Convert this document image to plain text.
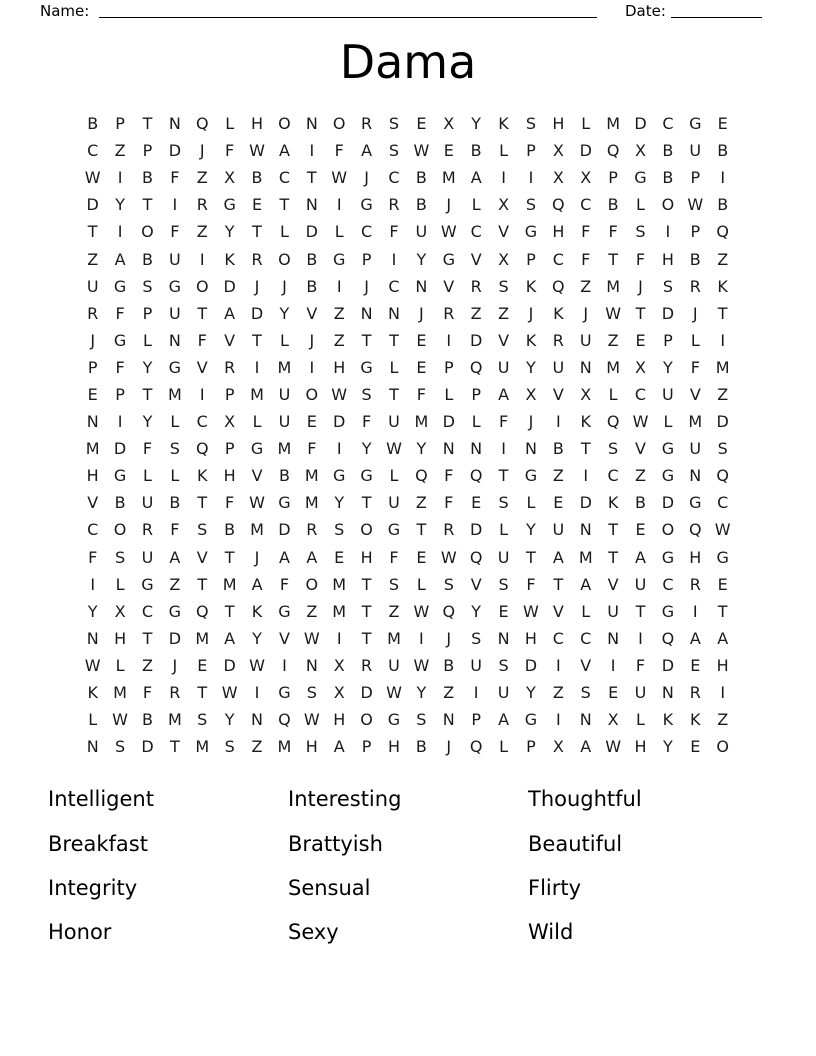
Name:	Date:
Dama
B	P	T	N Q	L	H O N O R	S	E	X	Y	K	S	H	L	M D C G	E
C	Z	P	D	J	F W A	I	F	A	S W E	B	L	P	X D Q X	B	U	B
W	I	B	F	Z	X	B	C	T W	J	C	B M A	I	I	X	X	P	G B	P	I
D	Y	T	I	R G	E	T	N	I	G R	B	J	L	X	S	Q C	B	L	O W B
T	I	O	F	Z	Y	T	L	D	L	C	F	U W C	V G H	F	F	S	I	P	Q
Z	A	B	U	I	K	R O B G	P	I	Y	G V	X	P	C	F	T	F	H B	Z
U G	S	G O D	J	J	B	I	J	C N V	R	S	K Q Z M	J	S	R	K
R	F	P	U	T	A D	Y	V	Z N N	J	R	Z	Z	J	K	J	W T	D	J	T
J	G	L	N	F	V	T	L	J	Z	T	T	E	I	D V	K	R U	Z	E	P	L	I
P	F	Y	G V	R	I	M	I	H G	L	E	P	Q U	Y	U N M X	Y	F M
E	P	T M	I	P M U O W S	T	F	L	P	A	X	V	X	L	C U	V	Z
N	I	Y	L	C	X	L	U	E	D	F	U M D	L	F	J	I	K Q W L	M D
M D	F	S	Q	P	G M F	I	Y W Y	N N	I	N B	T	S	V G U	S
H G	L	L	K	H V	B M G G	L	Q	F	Q	T	G Z	I	C	Z G N Q
V	B	U	B	T	F W G M Y	T	U	Z	F	E	S	L	E	D K	B D G C
C O R	F	S	B M D R	S	O G	T	R D	L	Y	U N	T	E	O Q W
F	S	U	A	V	T	J	A	A	E	H	F	E W Q U	T	A M T	A G H G
I	L	G Z	T M A	F	O M T	S	L	S	V	S	F	T	A	V	U C	R	E
Y	X	C G Q	T	K G Z M T	Z W Q	Y	E W V	L	U	T	G	I	T
N H	T	D M A	Y	V W	I	T M	I	J	S	N H C	C N	I	Q A	A
W L	Z	J	E	D W	I	N X	R U W B	U	S	D	I	V	I	F	D	E	H
K M F	R	T W	I	G	S	X D W Y	Z	I	U	Y	Z	S	E	U N R	I
L W B M S	Y	N Q W H O G	S	N	P	A G	I	N X	L	K	K	Z
N	S	D	T M S	Z M H A	P	H B	J	Q	L	P	X	A W H	Y	E	O
Intelligent
Breakfast
Integrity
Honor
Interesting
Brattyish
Sensual
Sexy
Thoughtful
Beautiful
Flirty
Wild
